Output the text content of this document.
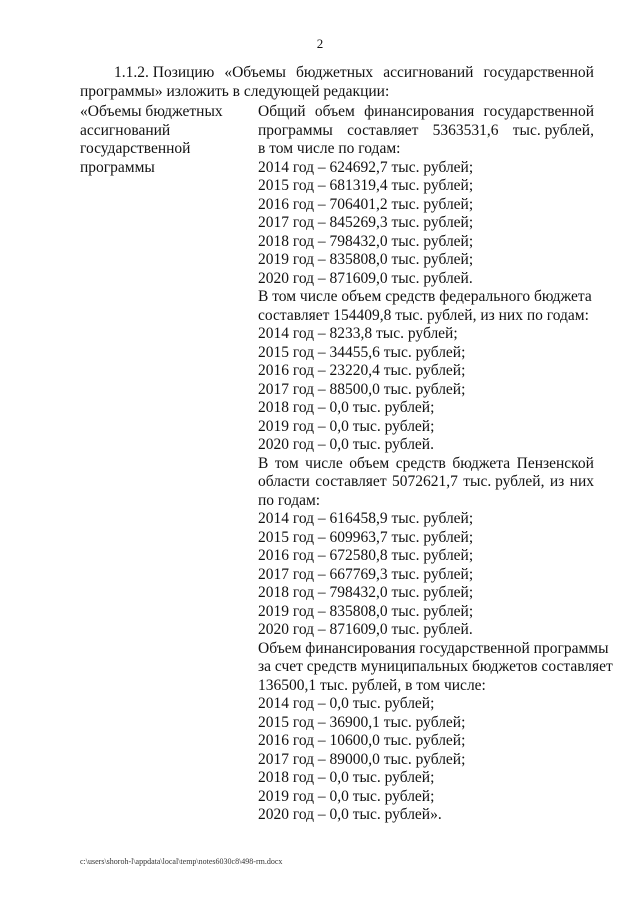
2
1.1.2. Позицию «Объемы бюджетных ассигнований государственной
программы» изложить в следующей редакции:
«Объемы бюджетных
ассигнований
государственной
программы
Общий объем финансирования государственной
программы составляет 5363531,6 тыс. рублей,
в том числе по годам:
2014 год – 624692,7 тыс. рублей;
2015 год – 681319,4 тыс. рублей;
2016 год – 706401,2 тыс. рублей;
2017 год – 845269,3 тыс. рублей;
2018 год – 798432,0 тыс. рублей;
2019 год – 835808,0 тыс. рублей;
2020 год – 871609,0 тыс. рублей.
В том числе объем средств федерального бюджета
составляет 154409,8 тыс. рублей, из них по годам:
2014 год – 8233,8 тыс. рублей;
2015 год – 34455,6 тыс. рублей;
2016 год – 23220,4 тыс. рублей;
2017 год – 88500,0 тыс. рублей;
2018 год – 0,0 тыс. рублей;
2019 год – 0,0 тыс. рублей;
2020 год – 0,0 тыс. рублей.
В том числе объем средств бюджета Пензенской
области составляет 5072621,7 тыс. рублей, из них
по годам:
2014 год – 616458,9 тыс. рублей;
2015 год – 609963,7 тыс. рублей;
2016 год – 672580,8 тыс. рублей;
2017 год – 667769,3 тыс. рублей;
2018 год – 798432,0 тыс. рублей;
2019 год – 835808,0 тыс. рублей;
2020 год – 871609,0 тыс. рублей.
Объем финансирования государственной программы
за счет средств муниципальных бюджетов составляет
136500,1 тыс. рублей, в том числе:
2014 год – 0,0 тыс. рублей;
2015 год – 36900,1 тыс. рублей;
2016 год – 10600,0 тыс. рублей;
2017 год – 89000,0 тыс. рублей;
2018 год – 0,0 тыс. рублей;
2019 год – 0,0 тыс. рублей;
2020 год – 0,0 тыс. рублей».
c:\users\shoroh-l\appdata\local\temp\notes6030c8\498-rm.docx
